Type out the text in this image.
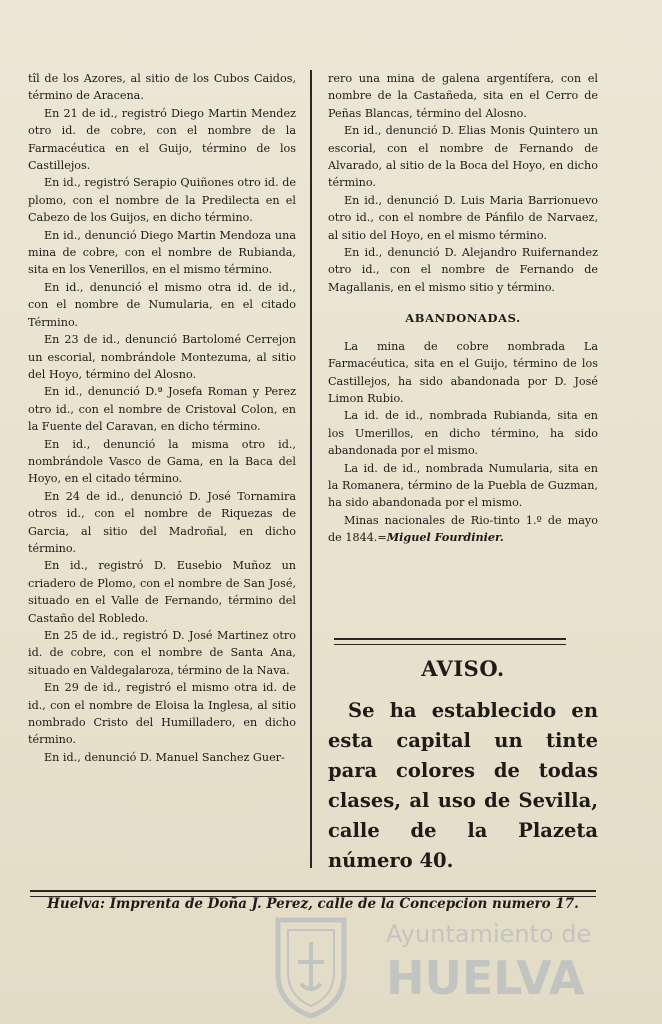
tîl de los Azores, al sitio de los Cubos Caidos, término de Aracena.

En 21 de id., registró Diego Martin Mendez otro id. de cobre, con el nombre de la Farmacéutica en el Guijo, término de los Castillejos.

En id., registró Serapio Quiñones otro id. de plomo, con el nombre de la Predilecta en el Cabezo de los Guijos, en dicho término.

En id., denunció Diego Martin Mendoza una mina de cobre, con el nombre de Rubianda, sita en los Venerillos, en el mismo término.

En id., denunció el mismo otra id. de id., con el nombre de Numularia, en el citado Término.

En 23 de id., denunció Bartolomé Cerrejon un escorial, nombrándole Montezuma, al sitio del Hoyo, término del Alosno.

En id., denunció D.ª Josefa Roman y Perez otro id., con el nombre de Cristoval Colon, en la Fuente del Caravan, en dicho término.

En id., denunció la misma otro id., nombrándole Vasco de Gama, en la Baca del Hoyo, en el citado término.

En 24 de id., denunció D. José Tornamira otros id., con el nombre de Riquezas de Garcia, al sitio del Madroñal, en dicho término.

En id., registró D. Eusebio Muñoz un criadero de Plomo, con el nombre de San José, situado en el Valle de Fernando, término del Castaño del Robledo.

En 25 de id., registró D. José Martinez otro id. de cobre, con el nombre de Santa Ana, situado en Valdegalaroza, término de la Nava.

En 29 de id., registró el mismo otra id. de id., con el nombre de Eloisa la Inglesa, al sitio nombrado Cristo del Humilladero, en dicho término.

En id., denunció D. Manuel Sanchez Guer-

rero una mina de galena argentífera, con el nombre de la Castañeda, sita en el Cerro de Peñas Blancas, término del Alosno.

En id., denunció D. Elias Monis Quintero un escorial, con el nombre de Fernando de Alvarado, al sitio de la Boca del Hoyo, en dicho término.

En id., denunció D. Luis Maria Barrionuevo otro id., con el nombre de Pánfilo de Narvaez, al sitio del Hoyo, en el mismo término.

En id., denunció D. Alejandro Ruifernandez otro id., con el nombre de Fernando de Magallanis, en el mismo sitio y término.

ABANDONADAS.

La mina de cobre nombrada La Farmacéutica, sita en el Guijo, término de los Castillejos, ha sido abandonada por D. José Limon Rubio.

La id. de id., nombrada Rubianda, sita en los Umerillos, en dicho término, ha sido abandonada por el mismo.

La id. de id., nombrada Numularia, sita en la Romanera, término de la Puebla de Guzman, ha sido abandonada por el mismo.

Minas nacionales de Rio-tinto 1.º de mayo de 1844.=Miguel Fourdinier.

AVISO.

Se ha establecido en esta capital un tinte para colores de todas clases, al uso de Sevilla, calle de la Plazeta número 40.

Huelva: Imprenta de Doña J. Perez, calle de la Concepcion numero 17.
Ayuntamiento de
HUELVA
